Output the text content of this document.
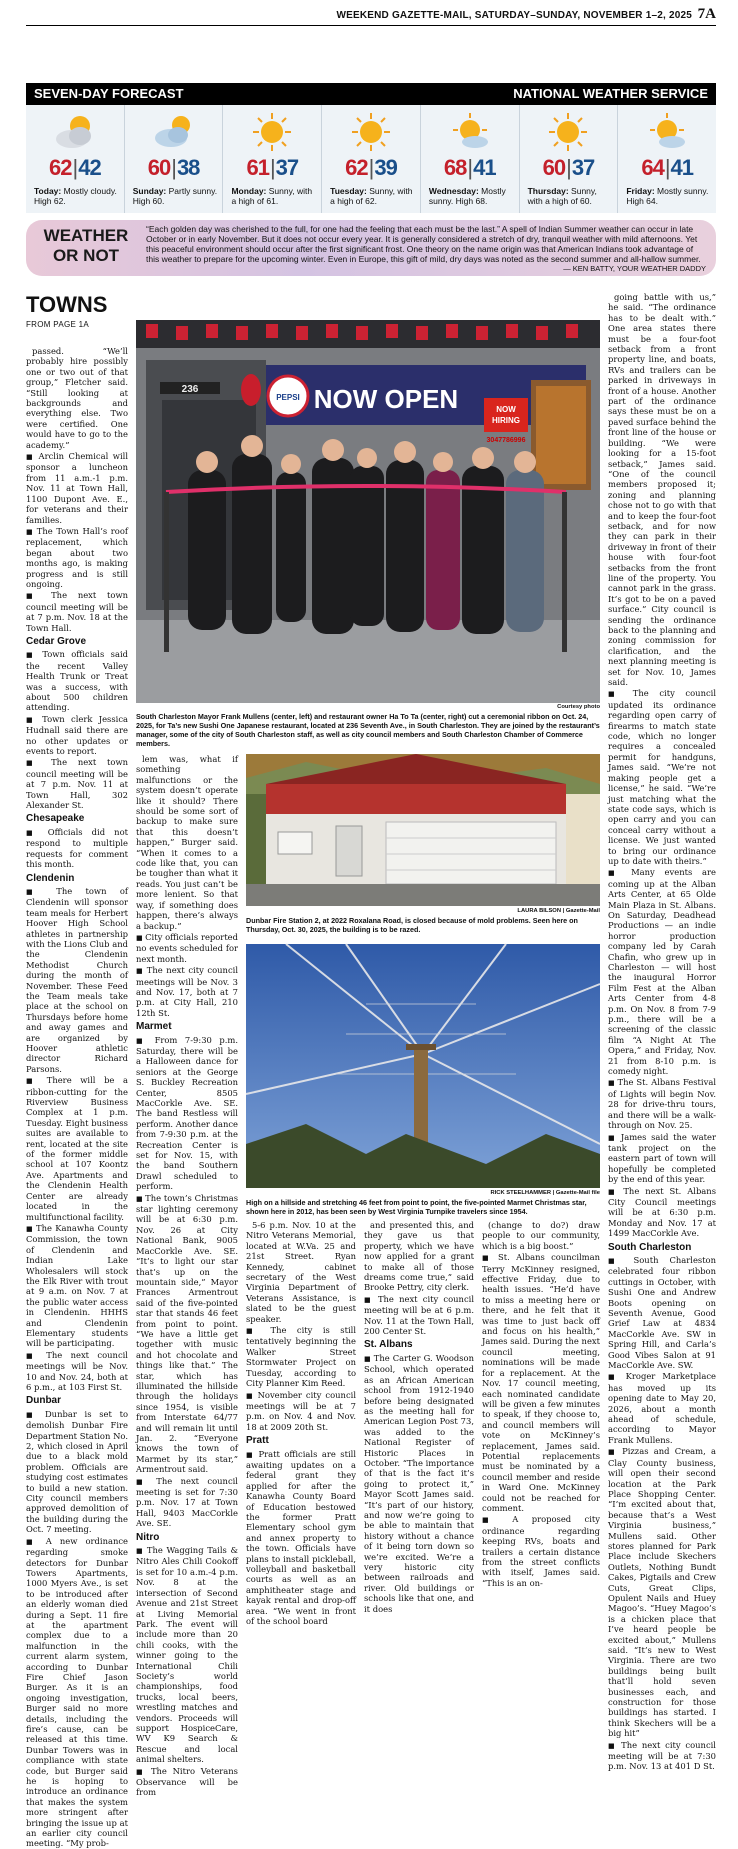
WEEKEND GAZETTE-MAIL, SATURDAY–SUNDAY, NOVEMBER 1–2, 2025 7A
SEVEN-DAY FORECAST	NATIONAL WEATHER SERVICE
62|42
Today: Mostly cloudy. High 62.
60|38
Sunday: Partly sunny. High 60.
61|37
Monday: Sunny, with a high of 61.
62|39
Tuesday: Sunny, with a high of 62.
68|41
Wednesday: Mostly sunny. High 68.
60|37
Thursday: Sunny, with a high of 60.
64|41
Friday: Mostly sunny. High 64.
WEATHER
OR NOT
“Each golden day was cherished to the full, for one had the feeling that each must be the last.” A spell of Indian Summer weather can occur in late October or in early November. But it does not occur every year. It is generally considered a stretch of dry, tranquil weather with mild afternoons. Yet this peaceful environment should occur after the first significant frost. One theory on the name origin was that American Indians took advantage of this weather to prepare for the upcoming winter. Even in Europe, this gift of mild, dry days was noted as the second summer and all-hallow summer.
— KEN BATTY, YOUR WEATHER DADDY
TOWNS
FROM PAGE 1A

passed. “We’ll probably hire possibly one or two out of that group,” Fletcher said. “Still looking at backgrounds and everything else. Two were certified. One would have to go to the academy.”

■ Arclin Chemical will sponsor a luncheon from 11 a.m.-1 p.m. Nov. 11 at Town Hall, 1100 Dupont Ave. E., for veterans and their families.

■ The Town Hall’s roof replacement, which began about two months ago, is making progress and is still ongoing.

■ The next town council meeting will be at 7 p.m. Nov. 18 at the Town Hall.

Cedar Grove

■ Town officials said the recent Valley Health Trunk or Treat was a success, with about 500 children attending.

■ Town clerk Jessica Hudnall said there are no other updates or events to report.

■ The next town council meeting will be at 7 p.m. Nov. 11 at Town Hall, 302 Alexander St.

Chesapeake

■ Officials did not respond to multiple requests for comment this month.

Clendenin

■ The town of Clendenin will sponsor team meals for Herbert Hoover High School athletes in partnership with the Lions Club and the Clendenin Methodist Church during the month of November. These Feed the Team meals take place at the school on Thursdays before home and away games and are organized by Hoover athletic director Richard Parsons.

■ There will be a ribbon-cutting for the Riverview Business Complex at 1 p.m. Tuesday. Eight business suites are available to rent, located at the site of the former middle school at 107 Koontz Ave. Apartments and the Clendenin Health Center are already located in the multifunctional facility.

■ The Kanawha County Commission, the town of Clendenin and Indian Lake Wholesalers will stock the Elk River with trout at 9 a.m. on Nov. 7 at the public water access in Clendenin. HHHS and Clendenin Elementary students will be participating.

■ The next council meetings will be Nov. 10 and Nov. 24, both at 6 p.m., at 103 First St.

Dunbar

■ Dunbar is set to demolish Dunbar Fire Department Station No. 2, which closed in April due to a black mold problem. Officials are studying cost estimates to build a new station. City council members approved demolition of the building during the Oct. 7 meeting.

■ A new ordinance regarding smoke detectors for Dunbar Towers Apartments, 1000 Myers Ave., is set to be introduced after an elderly woman died during a Sept. 11 fire at the apartment complex due to a malfunction in the current alarm system, according to Dunbar Fire Chief Jason Burger. As it is an ongoing investigation, Burger said no more details, including the fire’s cause, can be released at this time. Dunbar Towers was in compliance with state code, but Burger said he is hoping to introduce an ordinance that makes the system more stringent after bringing the issue up at an earlier city council meeting. “My prob-

236
PEPSI NOW OPEN	NOW
HIRING
3047786996
Courtesy photo
South Charleston Mayor Frank Mullens (center, left) and restaurant owner Ha To Ta (center, right) cut a ceremonial ribbon on Oct. 24, 2025, for Ta’s new Sushi One Japanese restaurant, located at 236 Seventh Ave., in South Charleston. They are joined by the restaurant’s manager, some of the city of South Charleston staff, as well as city council members and South Charleston Chamber of Commerce members.

lem was, what if something malfunctions or the system doesn’t operate like it should? There should be some sort of backup to make sure that this doesn’t happen,” Burger said. “When it comes to a code like that, you can be tougher than what it reads. You just can’t be more lenient. So that way, if something does happen, there’s always a backup.”

■ City officials reported no events scheduled for next month.

■ The next city council meetings will be Nov. 3 and Nov. 17, both at 7 p.m. at City Hall, 210 12th St.

Marmet

■ From 7-9:30 p.m. Saturday, there will be a Halloween dance for seniors at the George S. Buckley Recreation Center, 8505 MacCorkle Ave. SE. The band Restless will perform. Another dance from 7-9:30 p.m. at the Recreation Center is set for Nov. 15, with the band Southern Drawl scheduled to perform.

■ The town’s Christmas star lighting ceremony will be at 6:30 p.m. Nov. 26 at City National Bank, 9005 MacCorkle Ave. SE. “It’s to light our star that’s up on the mountain side,” Mayor Frances Armentrout said of the five-pointed star that stands 46 feet from point to point. “We have a little get together with music and hot chocolate and things like that.” The star, which has illuminated the hillside through the holidays since 1954, is visible from Interstate 64/77 and will remain lit until Jan. 2. “Everyone knows the town of Marmet by its star,” Armentrout said.

■ The next council meeting is set for 7:30 p.m. Nov. 17 at Town Hall, 9403 MacCorkle Ave. SE.

Nitro

■ The Wagging Tails & Nitro Ales Chili Cookoff is set for 10 a.m.-4 p.m. Nov. 8 at the intersection of Second Avenue and 21st Street at Living Memorial Park. The event will include more than 20 chili cooks, with the winner going to the International Chili Society’s world championships, food trucks, local beers, wrestling matches and vendors. Proceeds will support HospiceCare, WV K9 Search & Rescue and local animal shelters.

■ The Nitro Veterans Observance will be from

LAURA BILSON | Gazette-Mail
Dunbar Fire Station 2, at 2022 Roxalana Road, is closed because of mold problems. Seen here on Thursday, Oct. 30, 2025, the building is to be razed.
RICK STEELHAMMER | Gazette-Mail file
High on a hillside and stretching 46 feet from point to point, the five-pointed Marmet Christmas star, shown here in 2012, has been seen by West Virginia Turnpike travelers since 1954.

5-6 p.m. Nov. 10 at the Nitro Veterans Memorial, located at W.Va. 25 and 21st Street. Ryan Kennedy, cabinet secretary of the West Virginia Department of Veterans Assistance, is slated to be the guest speaker.

■ The city is still tentatively beginning the Walker Street Stormwater Project on Tuesday, according to City Planner Kim Reed.

■ November city council meetings will be at 7 p.m. on Nov. 4 and Nov. 18 at 2009 20th St.

Pratt

■ Pratt officials are still awaiting updates on a federal grant they applied for after the Kanawha County Board of Education bestowed the former Pratt Elementary school gym and annex property to the town. Officials have plans to install pickleball, volleyball and basketball courts as well as an amphitheater stage and kayak rental and drop-off area. “We went in front of the school board

and presented this, and they gave us that property, which we have now applied for a grant to make all of those dreams come true,” said Brooke Pettry, city clerk.

■ The next city council meeting will be at 6 p.m. Nov. 11 at the Town Hall, 200 Center St.

St. Albans

■ The Carter G. Woodson School, which operated as an African American school from 1912-1940 before being designated as the meeting hall for American Legion Post 73, was added to the National Register of Historic Places in October. “The importance of that is the fact it’s going to protect it,” Mayor Scott James said. “It’s part of our history, and now we’re going to be able to maintain that history without a chance of it being torn down so we’re excited. We’re a very historic city between railroads and river. Old buildings or schools like that one, and it does

(change to do?) draw people to our community, which is a big boost.”

■ St. Albans councilman Terry McKinney resigned, effective Friday, due to health issues. “He’d have to miss a meeting here or there, and he felt that it was time to just back off and focus on his health,” James said. During the next council meeting, nominations will be made for a replacement. At the Nov. 17 council meeting, each nominated candidate will be given a few minutes to speak, if they choose to, and council members will vote on McKinney’s replacement, James said. Potential replacements must be nominated by a council member and reside in Ward One. McKinney could not be reached for comment.

■ A proposed city ordinance regarding keeping RVs, boats and trailers a certain distance from the street conflicts with itself, James said. “This is an on-

going battle with us,” he said. “The ordinance has to be dealt with.” One area states there must be a four-foot setback from a front property line, and boats, RVs and trailers can be parked in driveways in front of a house. Another part of the ordinance says these must be on a paved surface behind the front line of the house or building. “We were looking for a 15-foot setback,” James said. “One of the council members proposed it; zoning and planning chose not to go with that and to keep the four-foot setback, and for now they can park in their driveway in front of their house with four-foot setbacks from the front line of the property. You cannot park in the grass. It’s got to be on a paved surface.” City council is sending the ordinance back to the planning and zoning commission for clarification, and the next planning meeting is set for Nov. 10, James said.

■ The city council updated its ordinance regarding open carry of firearms to match state code, which no longer requires a concealed permit for handguns, James said. “We’re not making people get a license,” he said. “We’re just matching what the state code says, which is open carry and you can conceal carry without a license. We just wanted to bring our ordinance up to date with theirs.”

■ Many events are coming up at the Alban Arts Center, at 65 Olde Main Plaza in St. Albans. On Saturday, Deadhead Productions — an indie horror production company led by Carah Chafin, who grew up in Charleston — will host the inaugural Horror Film Fest at the Alban Arts Center from 4-8 p.m. On Nov. 8 from 7-9 p.m., there will be a screening of the classic film “A Night At The Opera,” and Friday, Nov. 21 from 8-10 p.m. is comedy night.

■ The St. Albans Festival of Lights will begin Nov. 28 for drive-thru tours, and there will be a walk-through on Nov. 25.

■ James said the water tank project on the eastern part of town will hopefully be completed by the end of this year.

■ The next St. Albans City Council meetings will be at 6:30 p.m. Monday and Nov. 17 at 1499 MacCorkle Ave.

South Charleston

■ South Charleston celebrated four ribbon cuttings in October, with Sushi One and Andrew Boots opening on Seventh Avenue, Good Grief Law at 4834 MacCorkle Ave. SW in Spring Hill, and Carla’s Good Vibes Salon at 91 MacCorkle Ave. SW.

■ Kroger Marketplace has moved up its opening date to May 20, 2026, about a month ahead of schedule, according to Mayor Frank Mullens.

■ Pizzas and Cream, a Clay County business, will open their second location at the Park Place Shopping Center. “I’m excited about that, because that’s a West Virginia business,” Mullens said. Other stores planned for Park Place include Skechers Outlets, Nothing Bundt Cakes, Pigtails and Crew Cuts, Great Clips, Opulent Nails and Huey Magoo’s. “Huey Magoo’s is a chicken place that I’ve heard people be excited about,” Mullens said. “It’s new to West Virginia. There are two buildings being built that’ll hold seven businesses each, and construction for those buildings has started. I think Skechers will be a big hit”

■ The next city council meeting will be at 7:30 p.m. Nov. 13 at 401 D St.
